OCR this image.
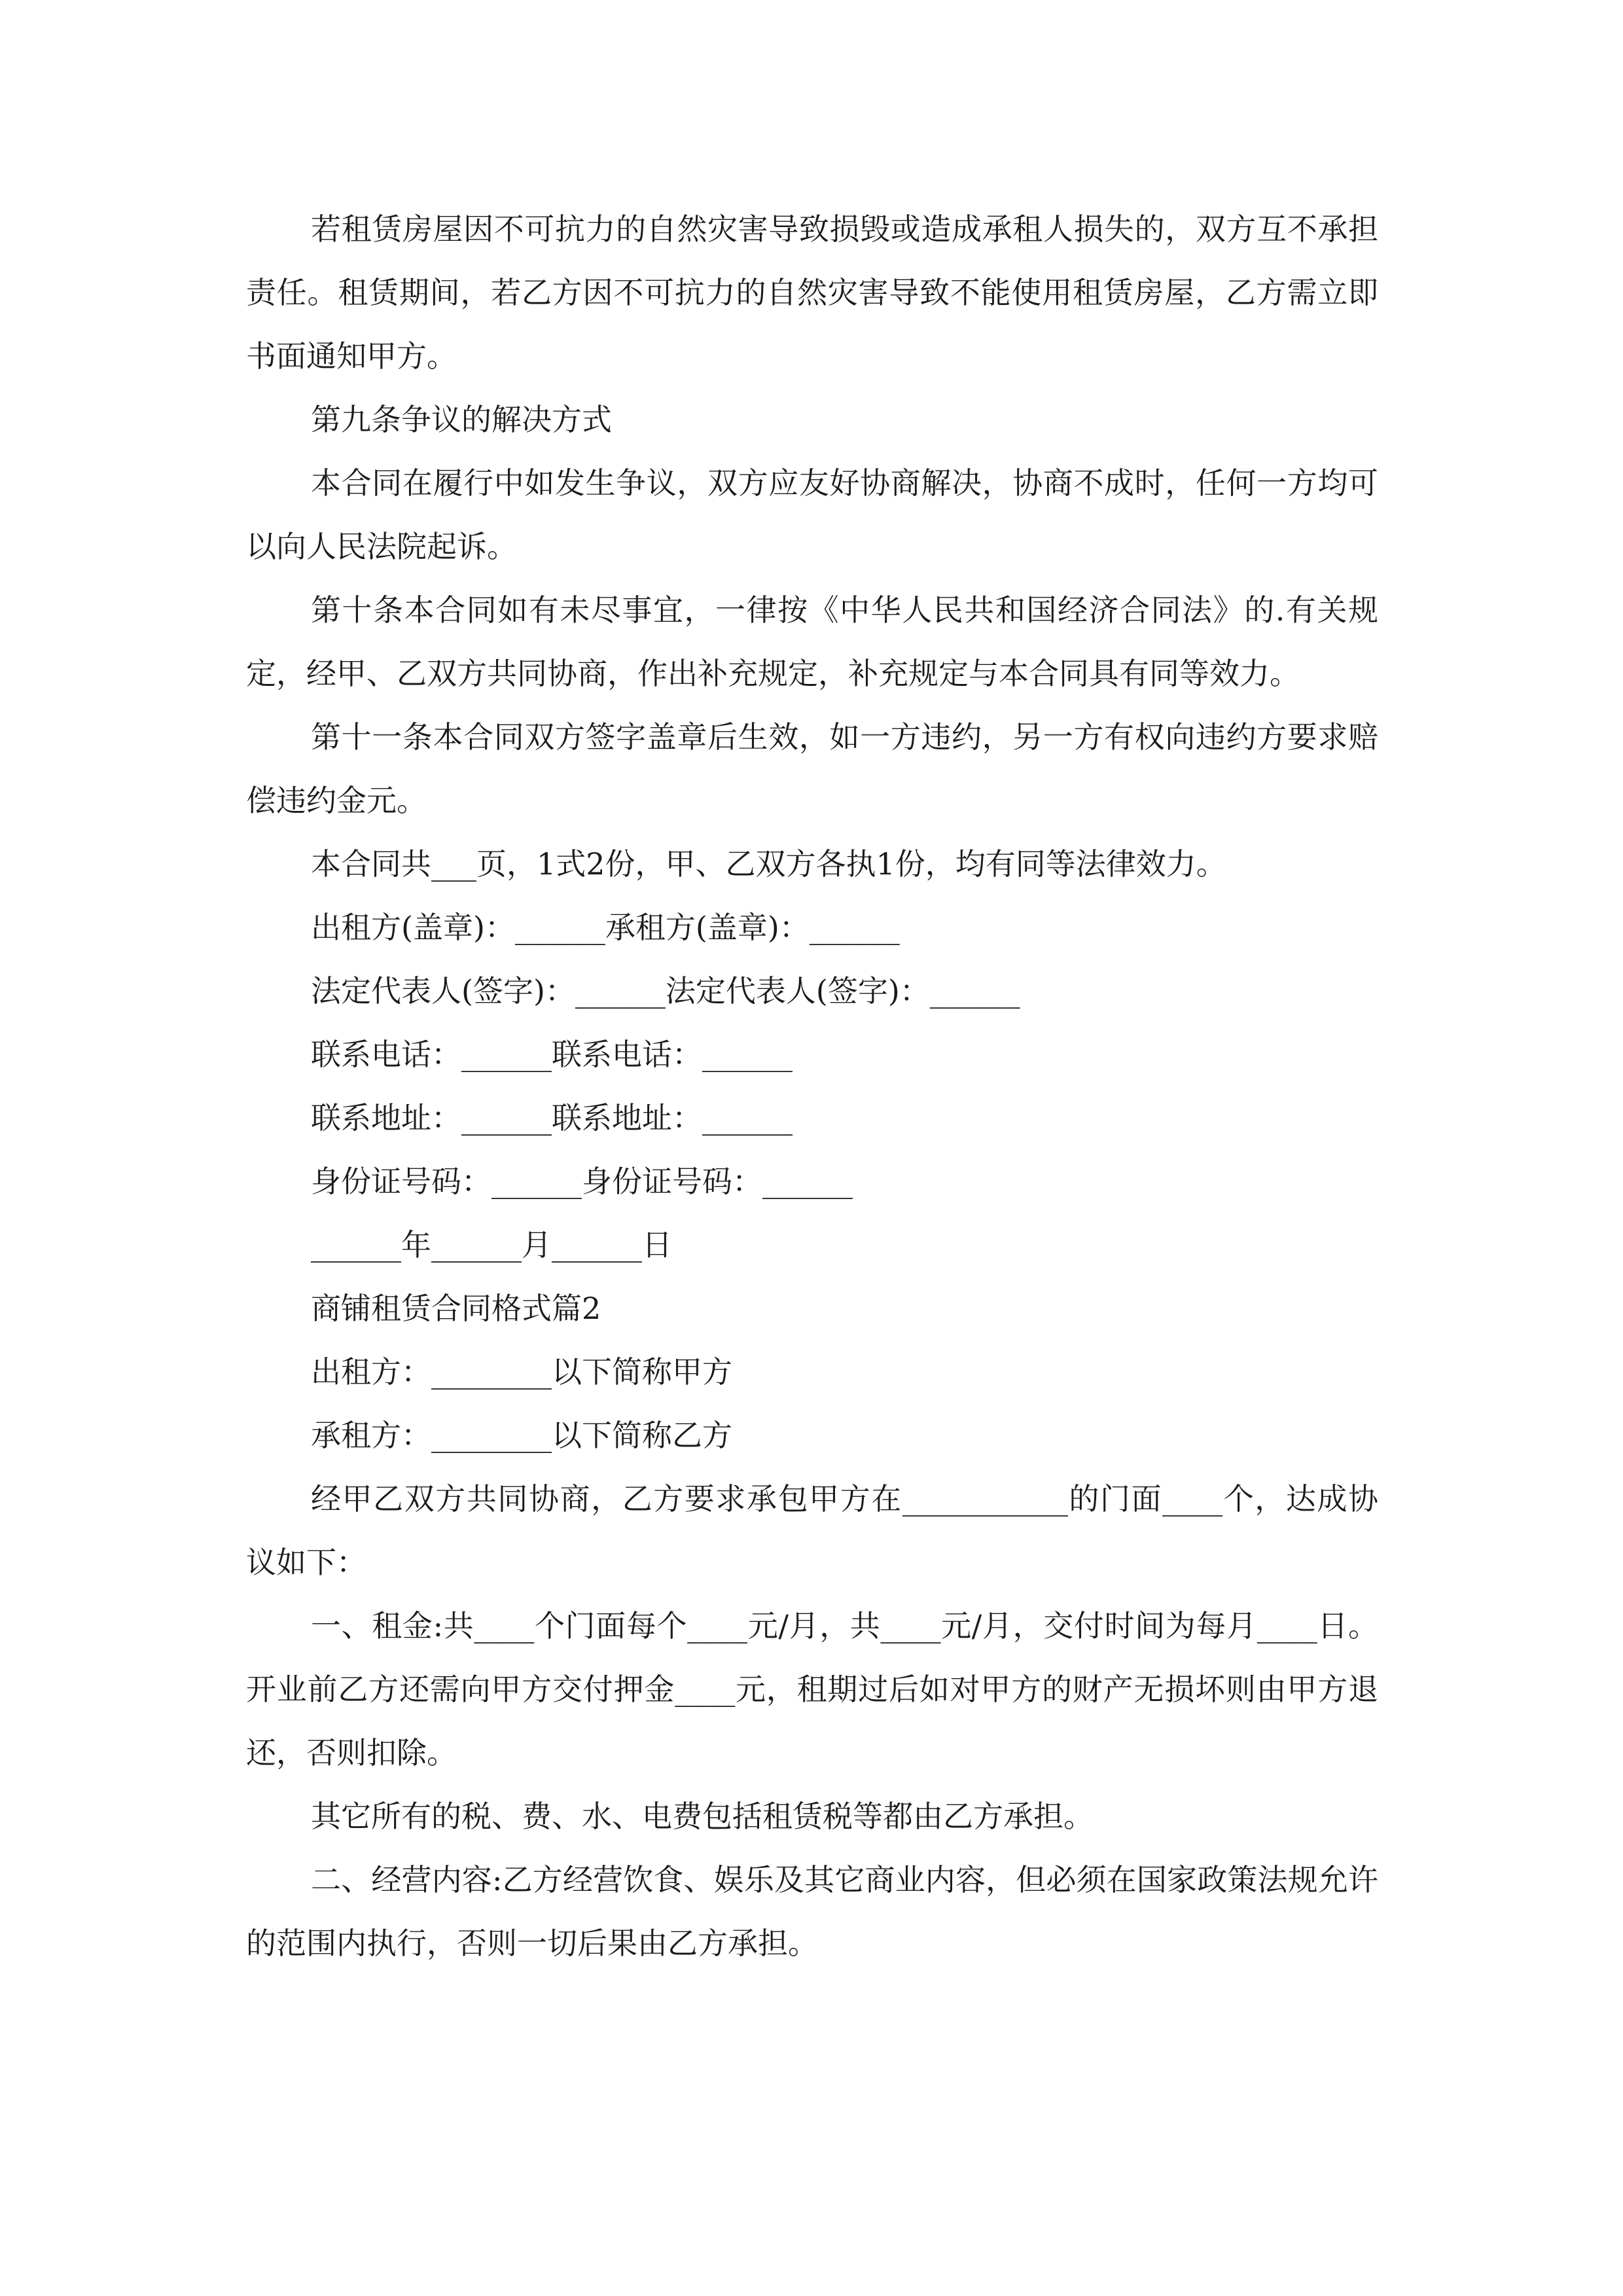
若租赁房屋因不可抗力的自然灾害导致损毁或造成承租人损失的，双方互不承担责任。租赁期间，若乙方因不可抗力的自然灾害导致不能使用租赁房屋，乙方需立即书面通知甲方。

第九条争议的解决方式

本合同在履行中如发生争议，双方应友好协商解决，协商不成时，任何一方均可以向人民法院起诉。

第十条本合同如有未尽事宜，一律按《中华人民共和国经济合同法》的.有关规定，经甲、乙双方共同协商，作出补充规定，补充规定与本合同具有同等效力。

第十一条本合同双方签字盖章后生效，如一方违约，另一方有权向违约方要求赔偿违约金元。

本合同共___页，1式2份，甲、乙双方各执1份，均有同等法律效力。

出租方(盖章)：______承租方(盖章)：______

法定代表人(签字)：______法定代表人(签字)：______

联系电话：______联系电话：______

联系地址：______联系地址：______

身份证号码：______身份证号码：______

______年______月______日

商铺租赁合同格式篇2

出租方：________以下简称甲方

承租方：________以下简称乙方

经甲乙双方共同协商，乙方要求承包甲方在___________的门面____个，达成协议如下：

一、租金:共____个门面每个____元/月，共____元/月，交付时间为每月____日。开业前乙方还需向甲方交付押金____元，租期过后如对甲方的财产无损坏则由甲方退还，否则扣除。

其它所有的税、费、水、电费包括租赁税等都由乙方承担。

二、经营内容:乙方经营饮食、娱乐及其它商业内容，但必须在国家政策法规允许的范围内执行，否则一切后果由乙方承担。
